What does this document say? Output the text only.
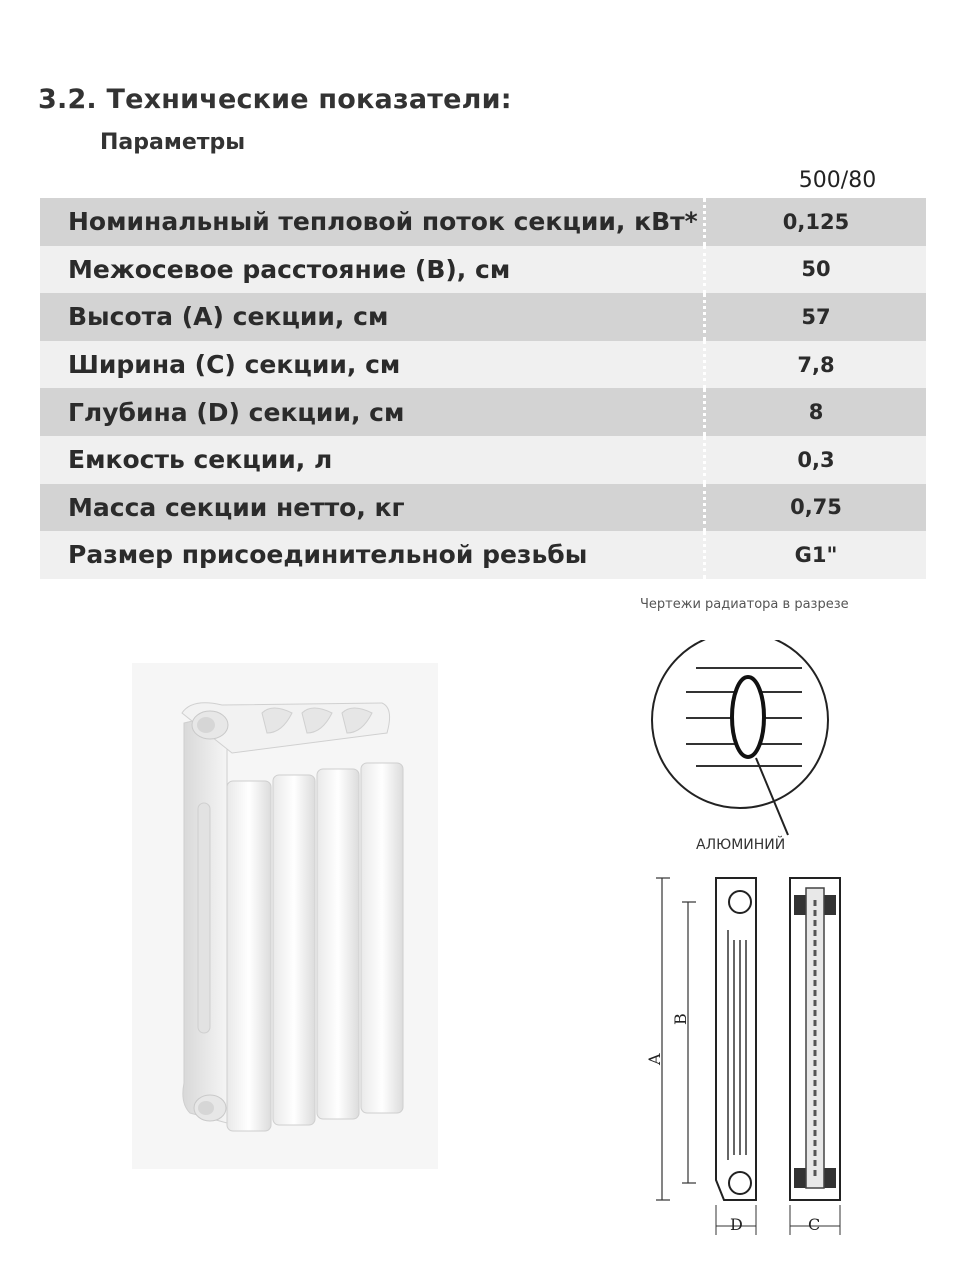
3.2. Технические показатели:
Параметры
500/80
Номинальный тепловой поток секции, кВт*	0,125
Межосевое расстояние (В), см	50
Высота (А) секции, см	57
Ширина (С) секции, см	7,8
Глубина (D) секции, см	8
Емкость секции, л	0,3
Масса секции нетто, кг	0,75
Размер присоединительной резьбы	G1"
Чертежи радиатора в разрезе
A
B
D	C
АЛЮМИНИЙ
